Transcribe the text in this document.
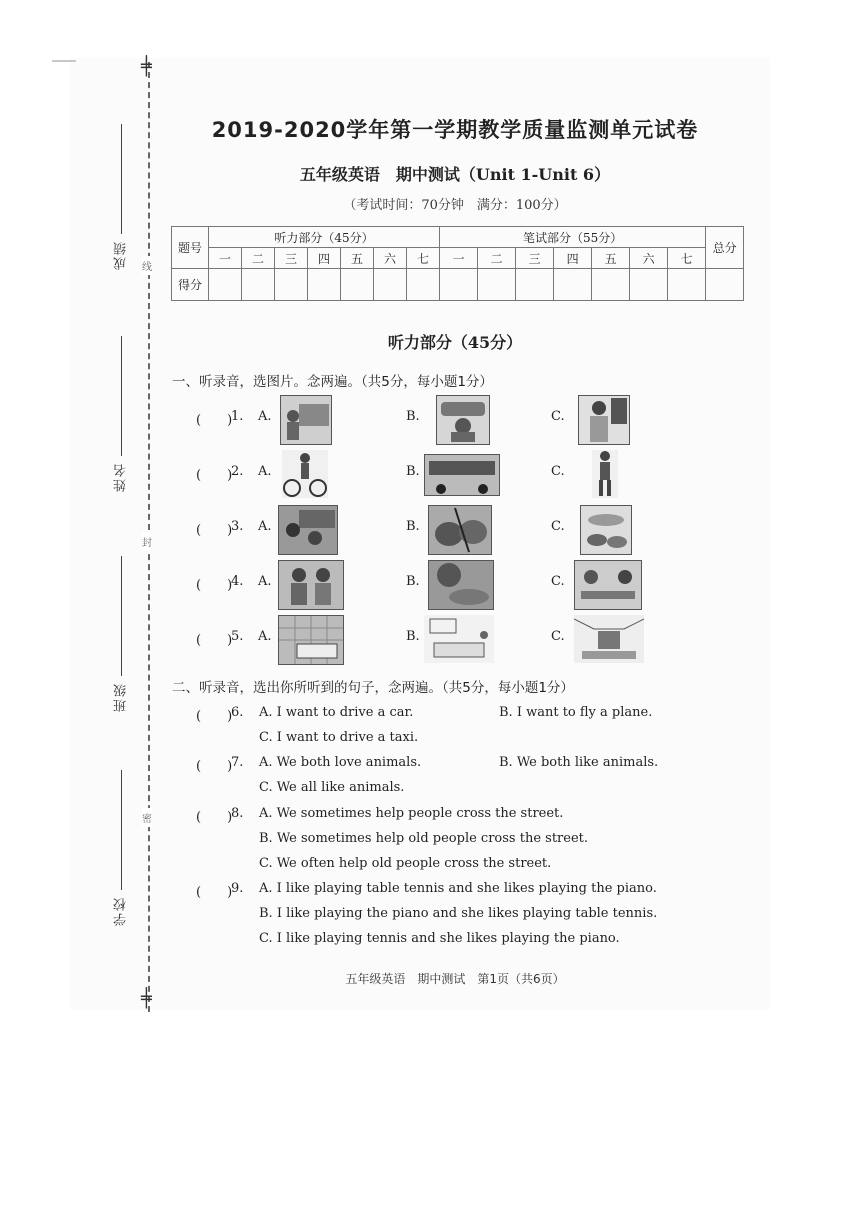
╪
╪
成绩
姓名
班级
学校
线
封
密
2019-2020学年第一学期教学质量监测单元试卷
五年级英语　期中测试（Unit 1-Unit 6）
（考试时间：70分钟　满分：100分）
题号	听力部分（45分）							笔试部分（55分）							总分
	一	二	三	四	五	六	七	一	二	三	四	五	六	七	
得分															
听力部分（45分）
一、听录音，选图片。念两遍。（共5分，每小题1分）
(　　)
1. A.	B.	C.
(　　)
2. A.	B.	C.
(　　)
3. A.	B.	C.
(　　)
4. A.	B.	C.
(　　)
5. A.	B.	C.
二、听录音，选出你所听到的句子，念两遍。（共5分，每小题1分）
(　　)
6. A. I want to drive a car.	B. I want to fly a plane.
C. I want to drive a taxi.
(　　)
7. A. We both love animals.	B. We both like animals.
C. We all like animals.
(　　)
8. A. We sometimes help people cross the street.
B. We sometimes help old people cross the street.
C. We often help old people cross the street.
(　　)
9. A. I like playing table tennis and she likes playing the piano.
B. I like playing the piano and she likes playing table tennis.
C. I like playing tennis and she likes playing the piano.
五年级英语　期中测试　第1页（共6页）
